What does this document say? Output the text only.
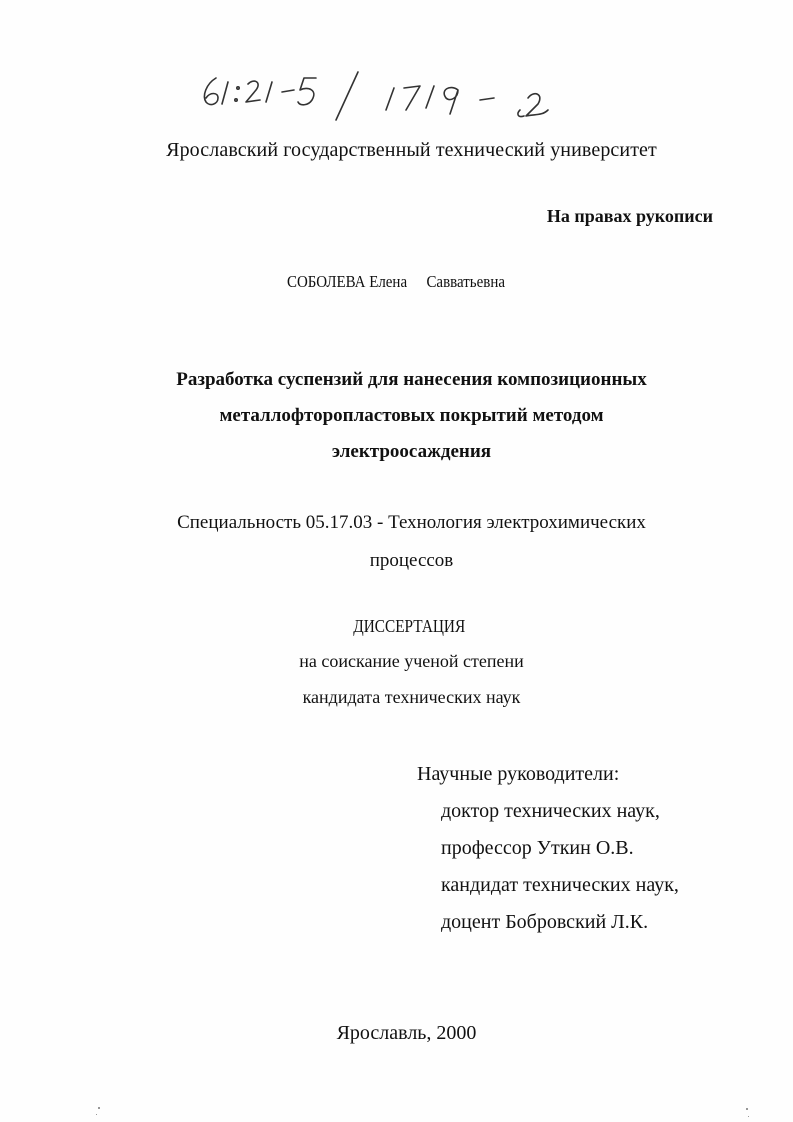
Ярославский государственный технический университет
На правах рукописи
СОБОЛЕВА Елена Савватьевна
Разработка суспензий для нанесения композиционных
металлофторопластовых покрытий методом
электроосаждения
Специальность 05.17.03 - Технология электрохимических
процессов
ДИССЕРТАЦИЯ
на соискание ученой степени
кандидата технических наук
Научные руководители:
доктор технических наук,
профессор Уткин О.В.
кандидат технических наук,
доцент Бобровский Л.К.
Ярославль, 2000
